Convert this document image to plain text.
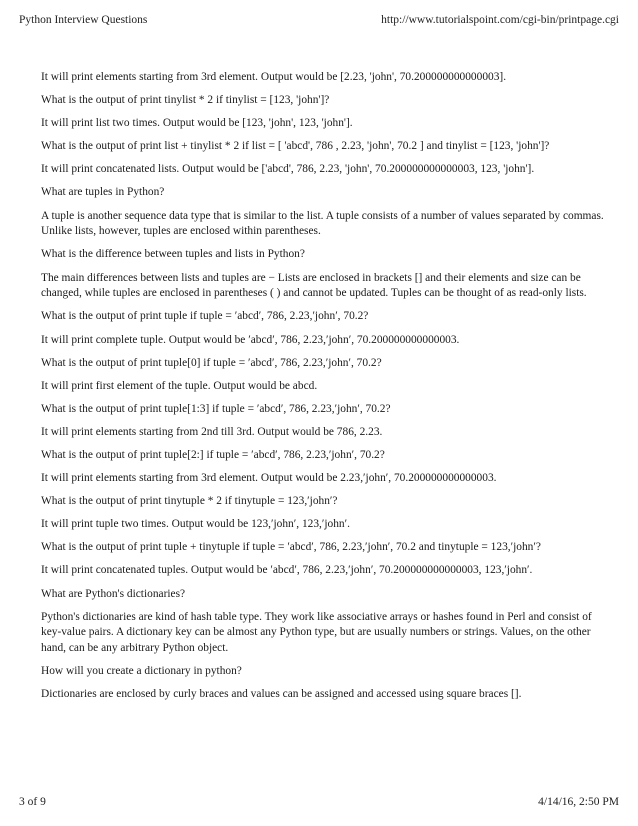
Python Interview Questions	http://www.tutorialspoint.com/cgi-bin/printpage.cgi

It will print elements starting from 3rd element. Output would be [2.23, 'john', 70.200000000000003].

What is the output of print tinylist * 2 if tinylist = [123, 'john']?

It will print list two times. Output would be [123, 'john', 123, 'john'].

What is the output of print list + tinylist * 2 if list = [ 'abcd', 786 , 2.23, 'john', 70.2 ] and tinylist = [123, 'john']?

It will print concatenated lists. Output would be ['abcd', 786, 2.23, 'john', 70.200000000000003, 123, 'john'].

What are tuples in Python?

A tuple is another sequence data type that is similar to the list. A tuple consists of a number of values separated by commas. Unlike lists, however, tuples are enclosed within parentheses.

What is the difference between tuples and lists in Python?

The main differences between lists and tuples are − Lists are enclosed in brackets [] and their elements and size can be changed, while tuples are enclosed in parentheses ( ) and cannot be updated. Tuples can be thought of as read-only lists.

What is the output of print tuple if tuple = ′abcd′, 786, 2.23,′john′, 70.2?

It will print complete tuple. Output would be ′abcd′, 786, 2.23,′john′, 70.200000000000003.

What is the output of print tuple[0] if tuple = ′abcd′, 786, 2.23,′john′, 70.2?

It will print first element of the tuple. Output would be abcd.

What is the output of print tuple[1:3] if tuple = ′abcd′, 786, 2.23,′john′, 70.2?

It will print elements starting from 2nd till 3rd. Output would be 786, 2.23.

What is the output of print tuple[2:] if tuple = ′abcd′, 786, 2.23,′john′, 70.2?

It will print elements starting from 3rd element. Output would be 2.23,′john′, 70.200000000000003.

What is the output of print tinytuple * 2 if tinytuple = 123,′john′?

It will print tuple two times. Output would be 123,′john′, 123,′john′.

What is the output of print tuple + tinytuple if tuple = ′abcd′, 786, 2.23,′john′, 70.2 and tinytuple = 123,′john′?

It will print concatenated tuples. Output would be ′abcd′, 786, 2.23,′john′, 70.200000000000003, 123,′john′.

What are Python's dictionaries?

Python's dictionaries are kind of hash table type. They work like associative arrays or hashes found in Perl and consist of key-value pairs. A dictionary key can be almost any Python type, but are usually numbers or strings. Values, on the other hand, can be any arbitrary Python object.

How will you create a dictionary in python?

Dictionaries are enclosed by curly braces and values can be assigned and accessed using square braces [].

3 of 9	4/14/16, 2:50 PM
